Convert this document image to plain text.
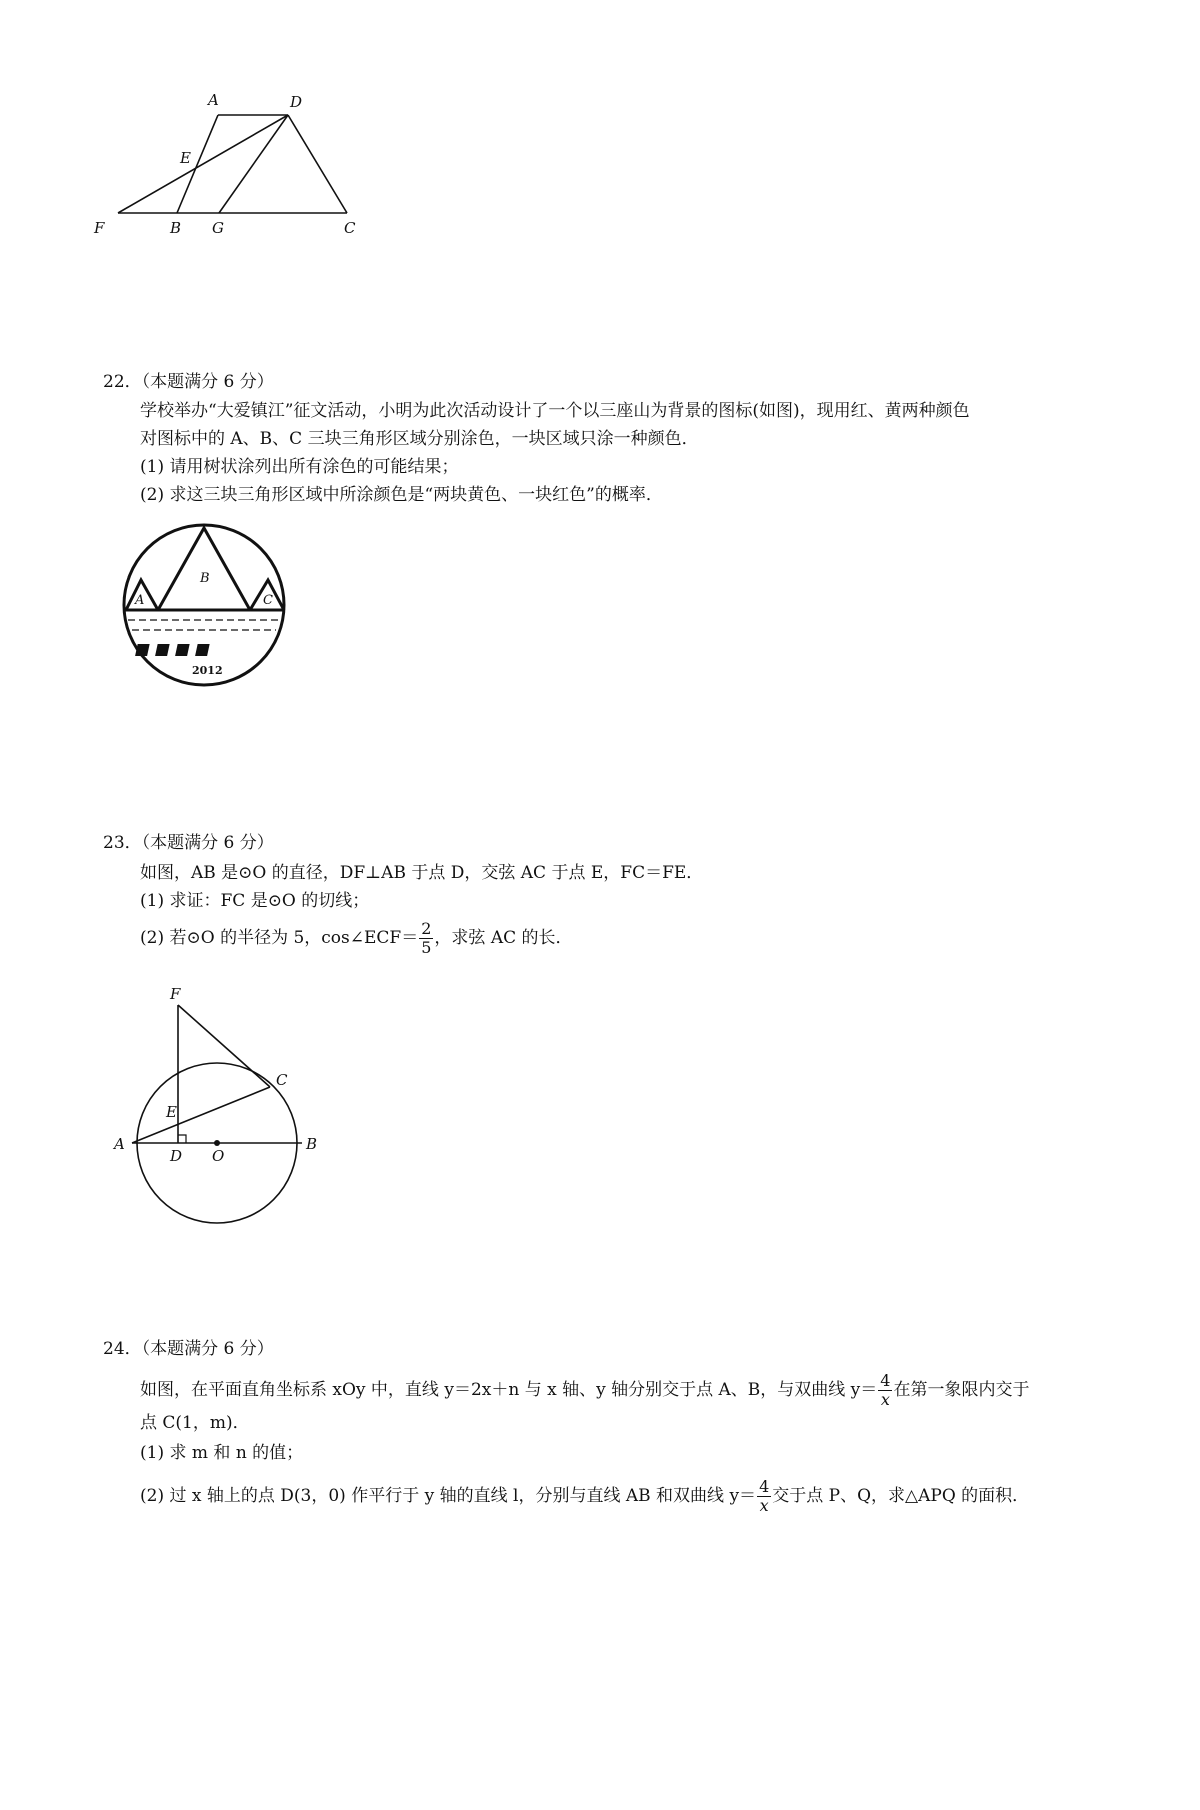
A	D
E
F	B G	C
22．（本题满分 6 分）
学校举办“大爱镇江”征文活动，小明为此次活动设计了一个以三座山为背景的图标(如图)，现用红、黄两种颜色
对图标中的 A、B、C 三块三角形区域分别涂色，一块区域只涂一种颜色．
(1) 请用树状涂列出所有涂色的可能结果；
(2) 求这三块三角形区域中所涂颜色是“两块黄色、一块红色”的概率．
A
B
C
2012
23．（本题满分 6 分）
如图，AB 是⊙O 的直径，DF⊥AB 于点 D，交弦 AC 于点 E，FC＝FE．
(1) 求证：FC 是⊙O 的切线；
(2) 若⊙O 的半径为 5，cos∠ECF＝ $\frac{2}{5}$ ，求弦 AC 的长．
F
C
E
A
D O
B
24．（本题满分 6 分）
如图，在平面直角坐标系 xOy 中，直线 y＝2x＋n 与 x 轴、y 轴分别交于点 A、B，与双曲线 $y= \frac{4}{x}$ 在第一象限内交于
点 C(1，m)．
(1) 求 m 和 n 的值；
(2) 过 x 轴上的点 D(3，0) 作平行于 y 轴的直线 l，分别与直线 AB 和双曲线 $y= \frac{4}{x}$ 交于点 P、Q，求△APQ 的面积．
